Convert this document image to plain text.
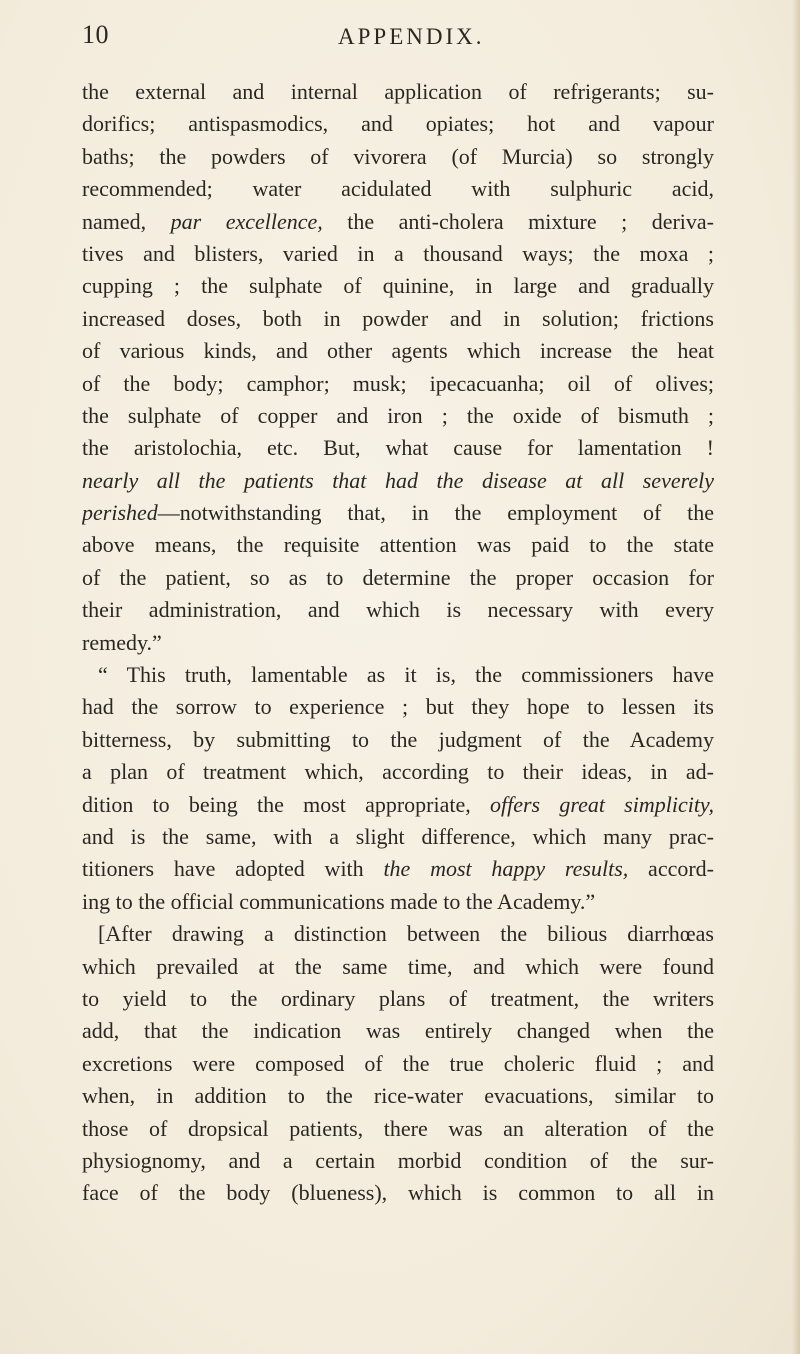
10	APPENDIX.
the external and internal application of refrigerants; su-
dorifics; antispasmodics, and opiates; hot and vapour
baths; the powders of vivorera (of Murcia) so strongly
recommended; water acidulated with sulphuric acid,
named, par excellence, the anti-cholera mixture ; deriva-
tives and blisters, varied in a thousand ways; the moxa ;
cupping ; the sulphate of quinine, in large and gradually
increased doses, both in powder and in solution; frictions
of various kinds, and other agents which increase the heat
of the body; camphor; musk; ipecacuanha; oil of olives;
the sulphate of copper and iron ; the oxide of bismuth ;
the aristolochia, etc. But, what cause for lamentation !
nearly all the patients that had the disease at all severely
perished—notwithstanding that, in the employment of the
above means, the requisite attention was paid to the state
of the patient, so as to determine the proper occasion for
their administration, and which is necessary with every
remedy.”
“ This truth, lamentable as it is, the commissioners have
had the sorrow to experience ; but they hope to lessen its
bitterness, by submitting to the judgment of the Academy
a plan of treatment which, according to their ideas, in ad-
dition to being the most appropriate, offers great simplicity,
and is the same, with a slight difference, which many prac-
titioners have adopted with the most happy results, accord-
ing to the official communications made to the Academy.”
[After drawing a distinction between the bilious diarrhœas
which prevailed at the same time, and which were found
to yield to the ordinary plans of treatment, the writers
add, that the indication was entirely changed when the
excretions were composed of the true choleric fluid ; and
when, in addition to the rice-water evacuations, similar to
those of dropsical patients, there was an alteration of the
physiognomy, and a certain morbid condition of the sur-
face of the body (blueness), which is common to all in
